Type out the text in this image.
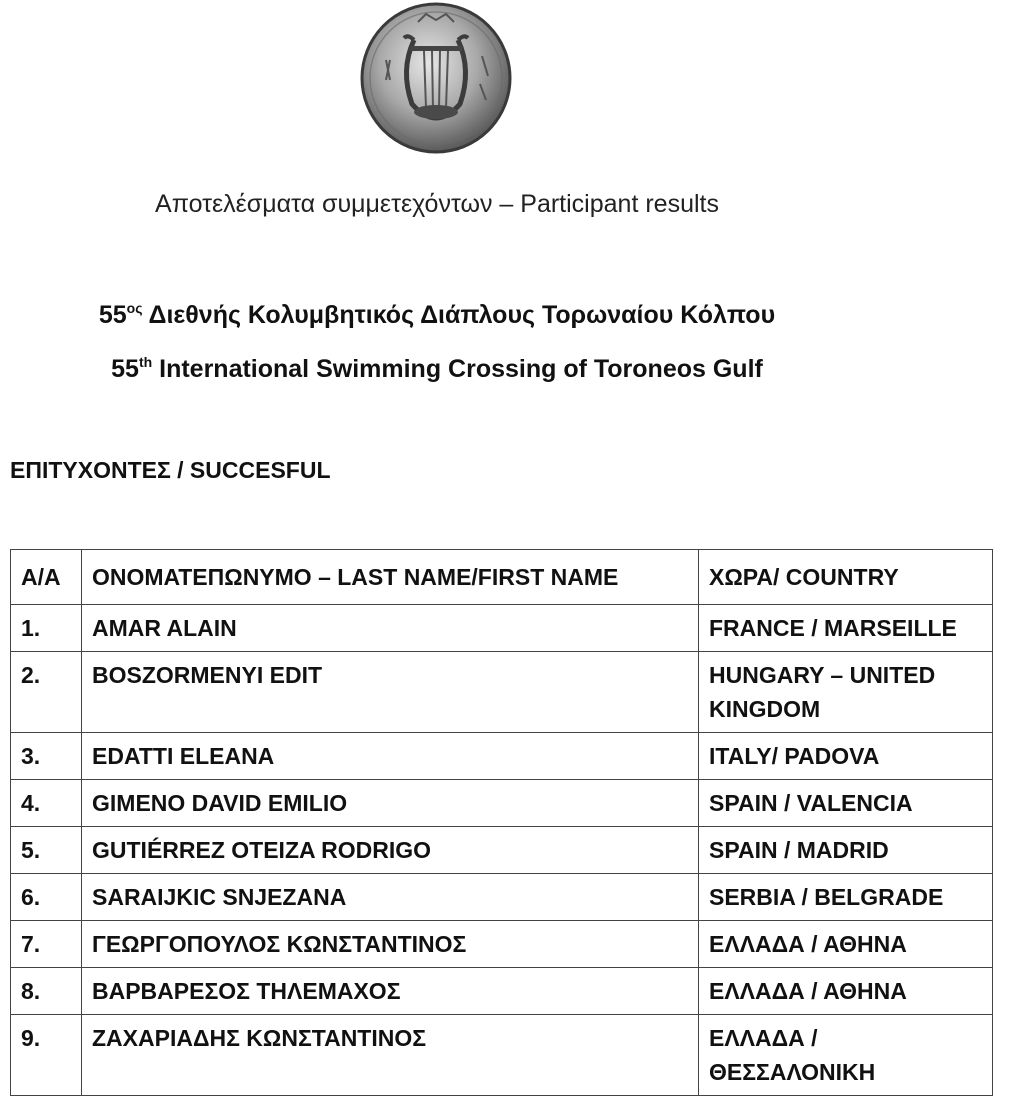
Αποτελέσματα συμμετεχόντων – Participant results
$55^{o\varsigma}$ Διεθνής Κολυμβητικός Διάπλους Τορωναίου Κόλπου
55th International Swimming Crossing of Toroneos Gulf
ΕΠΙΤΥΧΟΝΤΕΣ / SUCCESFUL
Α/Α	ΟΝΟΜΑΤΕΠΩΝΥΜΟ – LAST NAME/FIRST NAME	ΧΩΡΑ/ COUNTRY
1.	AMAR ALAIN	FRANCE / MARSEILLE
2.	BOSZORMENYI EDIT	HUNGARY – UNITED KINGDOM
3.	EDATTI ELEANA	ITALY/ PADOVA
4.	GIMENO DAVID EMILIO	SPAIN / VALENCIA
5.	GUTIÉRREZ OTEIZA RODRIGO	SPAIN / MADRID
6.	SARAIJKIC SNJEZANA	SERBIA / BELGRADE
7.	ΓΕΩΡΓΟΠΟΥΛΟΣ ΚΩΝΣΤΑΝΤΙΝΟΣ	ΕΛΛΑΔΑ / ΑΘΗΝΑ
8.	ΒΑΡΒΑΡΕΣΟΣ ΤΗΛΕΜΑΧΟΣ	ΕΛΛΑΔΑ / ΑΘΗΝΑ
9.	ΖΑΧΑΡΙΑΔΗΣ ΚΩΝΣΤΑΝΤΙΝΟΣ	ΕΛΛΑΔΑ / ΘΕΣΣΑΛΟΝΙΚΗ
